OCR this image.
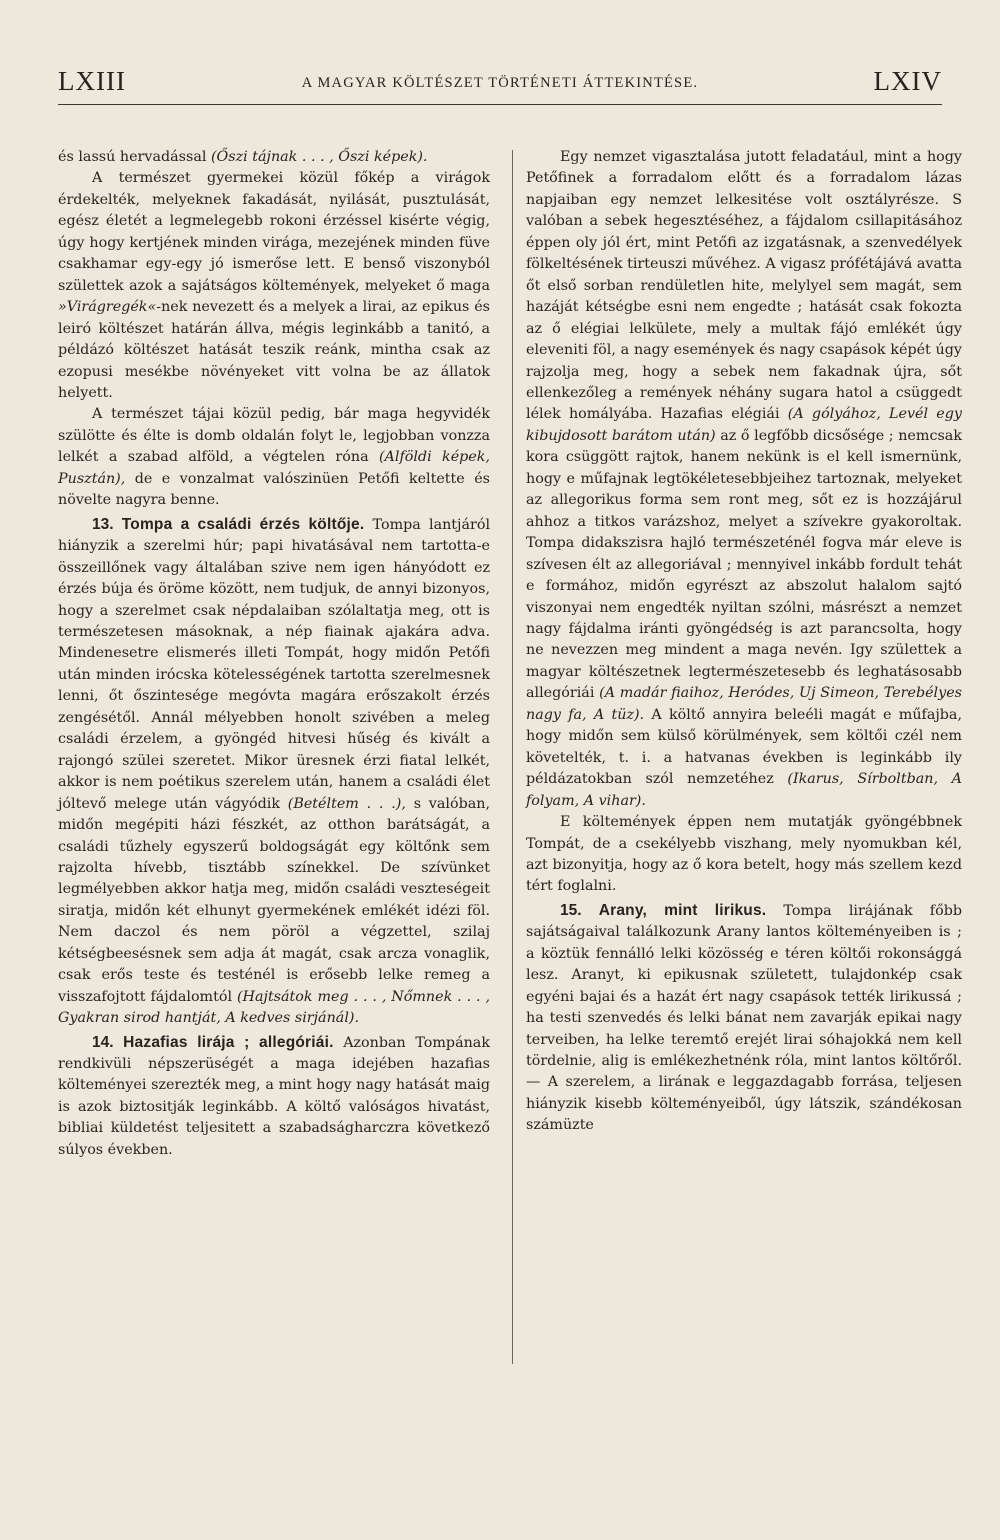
LXIII	A MAGYAR KÖLTÉSZET TÖRTÉNETI ÁTTEKINTÉSE.	LXIV

és lassú hervadással (Őszi tájnak . . . , Őszi képek).

A természet gyermekei közül főkép a virágok érdekelték, melyeknek fakadását, nyilását, pusztulását, egész életét a legmelegebb rokoni érzéssel kisérte végig, úgy hogy kertjének minden virága, mezejének minden füve csakhamar egy-egy jó ismerőse lett. E benső viszonyból születtek azok a sajátságos költemények, melyeket ő maga »Virágregék«-nek nevezett és a melyek a lirai, az epikus és leiró költészet határán állva, mégis leginkább a tanitó, a példázó költészet hatását teszik reánk, mintha csak az ezopusi mesékbe növényeket vitt volna be az állatok helyett.

A természet tájai közül pedig, bár maga hegyvidék szülötte és élte is domb oldalán folyt le, legjobban vonzza lelkét a szabad alföld, a végtelen róna (Alföldi képek, Pusztán), de e vonzalmat valószinüen Petőfi keltette és növelte nagyra benne.

13. Tompa a családi érzés költője. Tompa lantjáról hiányzik a szerelmi húr; papi hivatásával nem tartotta-e összeillőnek vagy általában szive nem igen hányódott ez érzés búja és öröme között, nem tudjuk, de annyi bizonyos, hogy a szerelmet csak népdalaiban szólaltatja meg, ott is természetesen másoknak, a nép fiainak ajakára adva. Mindenesetre elismerés illeti Tompát, hogy midőn Petőfi után minden irócska kötelességének tartotta szerelmesnek lenni, őt őszintesége megóvta magára erőszakolt érzés zengésétől. Annál mélyebben honolt szivében a meleg családi érzelem, a gyöngéd hitvesi hűség és kivált a rajongó szülei szeretet. Mikor üresnek érzi fiatal lelkét, akkor is nem poétikus szerelem után, hanem a családi élet jóltevő melege után vágyódik (Betéltem . . .), s valóban, midőn megépiti házi fészkét, az otthon barátságát, a családi tűzhely egyszerű boldogságát egy költőnk sem rajzolta hívebb, tisztább színekkel. De szívünket legmélyebben akkor hatja meg, midőn családi veszteségeit siratja, midőn két elhunyt gyermekének emlékét idézi föl. Nem daczol és nem pöröl a végzettel, szilaj kétségbeesésnek sem adja át magát, csak arcza vonaglik, csak erős teste és testénél is erősebb lelke remeg a visszafojtott fájdalomtól (Hajtsátok meg . . . , Nőmnek . . . , Gyakran sirod hantját, A kedves sirjánál).

14. Hazafias lirája ; allegóriái. Azonban Tompának rendkivüli népszerüségét a maga idejében hazafias költeményei szerezték meg, a mint hogy nagy hatását maig is azok biztositják leginkább. A költő valóságos hivatást, bibliai küldetést teljesitett a szabadságharczra következő súlyos években.

Egy nemzet vigasztalása jutott feladatául, mint a hogy Petőfinek a forradalom előtt és a forradalom lázas napjaiban egy nemzet lelkesitése volt osztályrésze. S valóban a sebek hegesztéséhez, a fájdalom csillapitásához éppen oly jól ért, mint Petőfi az izgatásnak, a szenvedélyek fölkeltésének tirteuszi művéhez. A vigasz prófétájává avatta őt első sorban rendületlen hite, melylyel sem magát, sem hazáját kétségbe esni nem engedte ; hatását csak fokozta az ő elégiai lelkülete, mely a multak fájó emlékét úgy eleveniti föl, a nagy események és nagy csapások képét úgy rajzolja meg, hogy a sebek nem fakadnak újra, sőt ellenkezőleg a remények néhány sugara hatol a csüggedt lélek homályába. Hazafias elégiái (A gólyához, Levél egy kibujdosott barátom után) az ő legfőbb dicsősége ; nemcsak kora csüggött rajtok, hanem nekünk is el kell ismernünk, hogy e műfajnak legtökéletesebbjeihez tartoznak, melyeket az allegorikus forma sem ront meg, sőt ez is hozzájárul ahhoz a titkos varázshoz, melyet a szívekre gyakoroltak. Tompa didakszisra hajló természeténél fogva már eleve is szívesen élt az allegoriával ; mennyivel inkább fordult tehát e formához, midőn egyrészt az abszolut halalom sajtó viszonyai nem engedték nyiltan szólni, másrészt a nemzet nagy fájdalma iránti gyöngédség is azt parancsolta, hogy ne nevezzen meg mindent a maga nevén. Igy születtek a magyar költészetnek legtermészetesebb és leghatásosabb allegóriái (A madár fiaihoz, Heródes, Uj Simeon, Terebélyes nagy fa, A tüz). A költő annyira beleéli magát e műfajba, hogy midőn sem külső körülmények, sem költői czél nem követelték, t. i. a hatvanas években is leginkább ily példázatokban szól nemzetéhez (Ikarus, Sírboltban, A folyam, A vihar).

E költemények éppen nem mutatják gyöngébbnek Tompát, de a csekélyebb viszhang, mely nyomukban kél, azt bizonyitja, hogy az ő kora betelt, hogy más szellem kezd tért foglalni.

15. Arany, mint lirikus. Tompa lirájának főbb sajátságaival találkozunk Arany lantos költeményeiben is ; a köztük fennálló lelki közösség e téren költői rokonsággá lesz. Aranyt, ki epikusnak született, tulajdonkép csak egyéni bajai és a hazát ért nagy csapások tették lirikussá ; ha testi szenvedés és lelki bánat nem zavarják epikai nagy terveiben, ha lelke teremtő erejét lirai sóhajokká nem kell tördelnie, alig is emlékezhetnénk róla, mint lantos költőről. — A szerelem, a lirának e leggazdagabb forrása, teljesen hiányzik kisebb költeményeiből, úgy látszik, szándékosan számüzte
